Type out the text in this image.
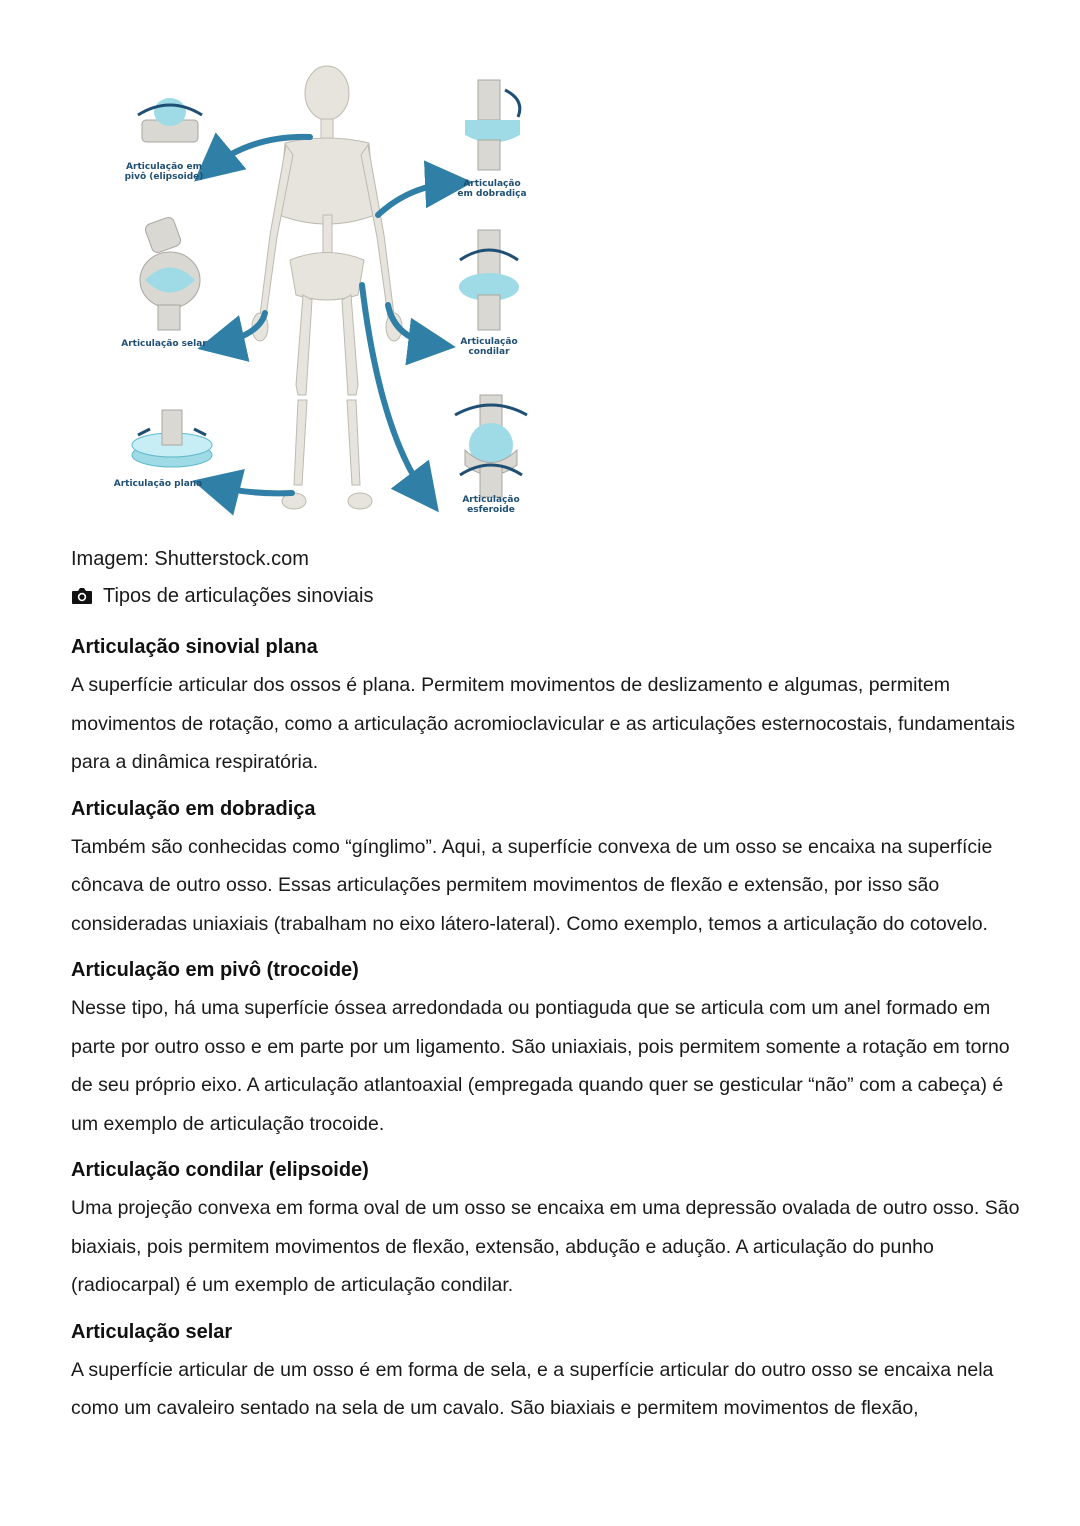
Articulação em
pivô (elipsoide)
Articulação
em dobradiça
Articulação selar	Articulação
condilar
Articulação plana
Articulação
esferoide
Imagem: Shutterstock.com
Tipos de articulações sinoviais
Articulação sinovial plana

A superfície articular dos ossos é plana. Permitem movimentos de deslizamento e algumas, permitem movimentos de rotação, como a articulação acromioclavicular e as articulações esternocostais, fundamentais para a dinâmica respiratória.

Articulação em dobradiça

Também são conhecidas como “gínglimo”. Aqui, a superfície convexa de um osso se encaixa na superfície côncava de outro osso. Essas articulações permitem movimentos de flexão e extensão, por isso são consideradas uniaxiais (trabalham no eixo látero-lateral). Como exemplo, temos a articulação do cotovelo.

Articulação em pivô (trocoide)

Nesse tipo, há uma superfície óssea arredondada ou pontiaguda que se articula com um anel formado em parte por outro osso e em parte por um ligamento. São uniaxiais, pois permitem somente a rotação em torno de seu próprio eixo. A articulação atlantoaxial (empregada quando quer se gesticular “não” com a cabeça) é um exemplo de articulação trocoide.

Articulação condilar (elipsoide)

Uma projeção convexa em forma oval de um osso se encaixa em uma depressão ovalada de outro osso. São biaxiais, pois permitem movimentos de flexão, extensão, abdução e adução. A articulação do punho (radiocarpal) é um exemplo de articulação condilar.

Articulação selar

A superfície articular de um osso é em forma de sela, e a superfície articular do outro osso se encaixa nela como um cavaleiro sentado na sela de um cavalo. São biaxiais e permitem movimentos de flexão,
